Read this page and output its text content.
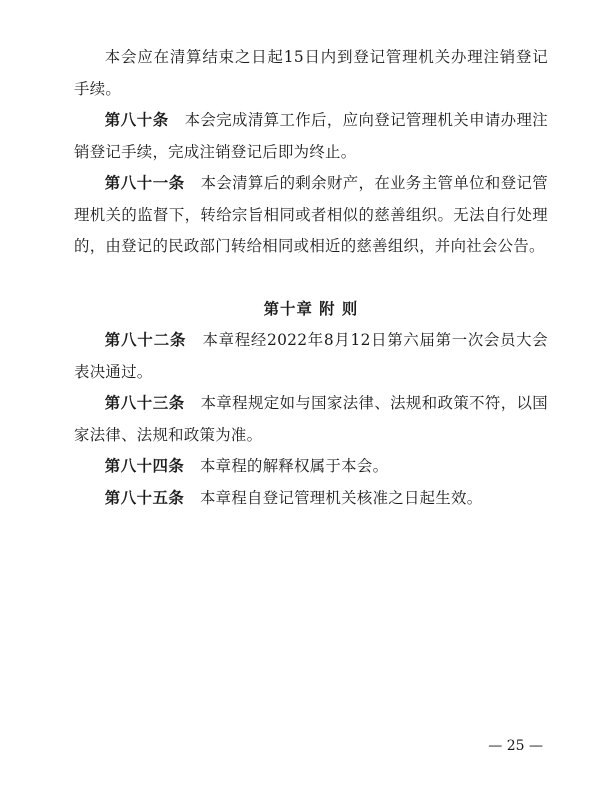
本会应在清算结束之日起15日内到登记管理机关办理注销登记手续。

第八十条  本会完成清算工作后，应向登记管理机关申请办理注销登记手续，完成注销登记后即为终止。

第八十一条  本会清算后的剩余财产，在业务主管单位和登记管理机关的监督下，转给宗旨相同或者相似的慈善组织。无法自行处理的，由登记的民政部门转给相同或相近的慈善组织，并向社会公告。

第十章 附 则

第八十二条  本章程经2022年8月12日第六届第一次会员大会表决通过。

第八十三条  本章程规定如与国家法律、法规和政策不符，以国家法律、法规和政策为准。

第八十四条  本章程的解释权属于本会。

第八十五条  本章程自登记管理机关核准之日起生效。

— 25 —
